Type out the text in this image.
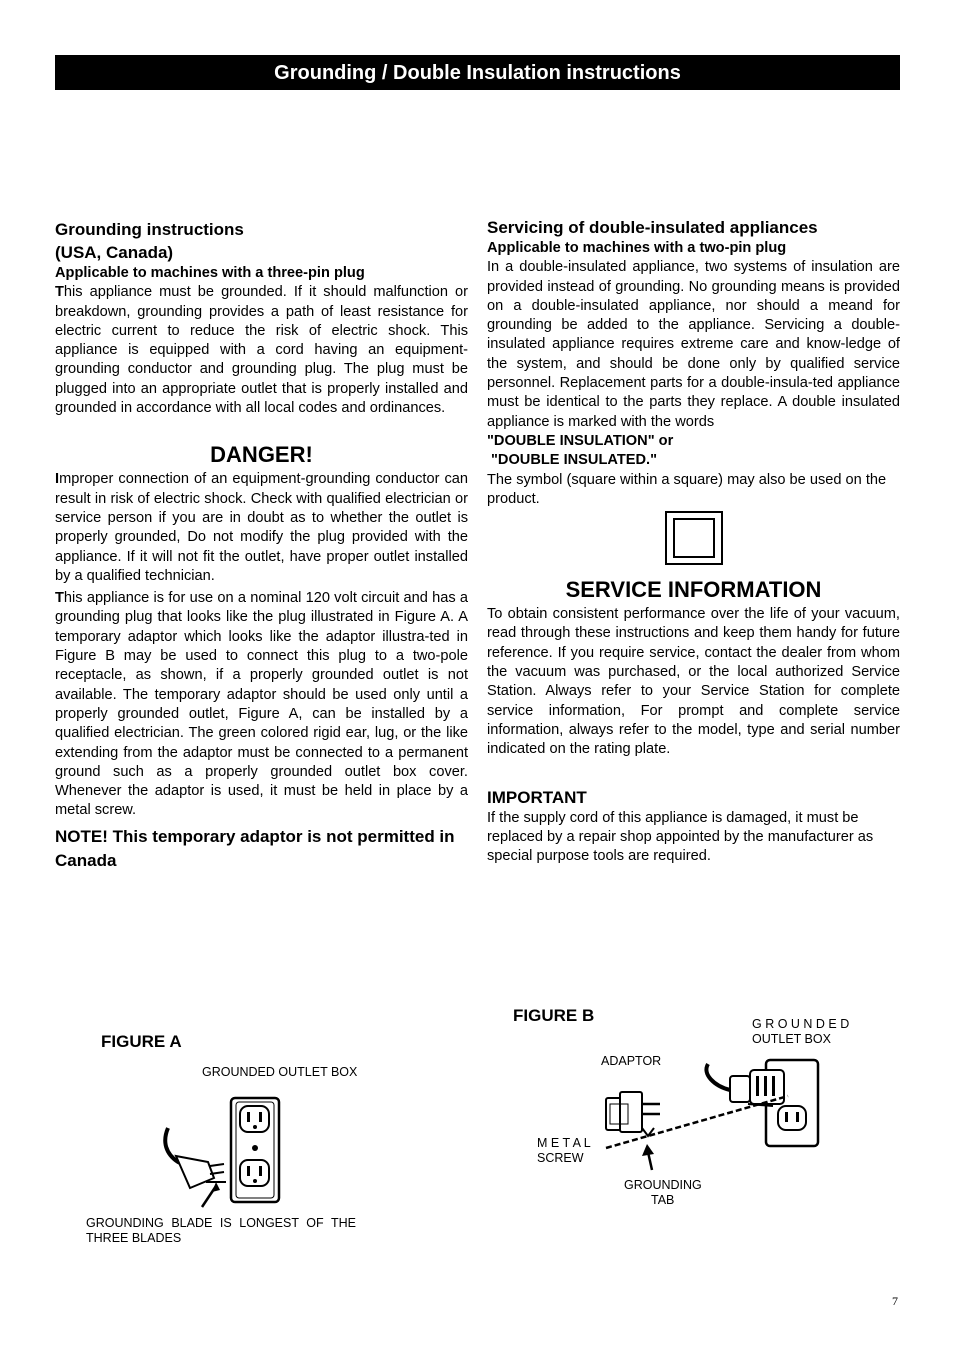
Grounding / Double Insulation instructions
Grounding instructions
(USA, Canada)
Applicable to machines with a three-pin plug

This appliance must be grounded. If it should malfunction or breakdown, grounding provides a path of least resistance for electric current to reduce the risk of electric shock. This appliance is equipped with a cord having an equipment-grounding conductor and grounding plug. The plug must be plugged into an appropriate outlet that is properly installed and grounded in accordance with all local codes and ordinances.

DANGER!

Improper connection of an equipment-grounding conductor can result in risk of electric shock. Check with qualified electrician or service person if you are in doubt as to whether the outlet is properly grounded, Do not modify the plug provided with the appliance. If it will not fit the outlet, have proper outlet installed by a qualified technician.

This appliance is for use on a nominal 120 volt circuit and has a grounding plug that looks like the plug illustrated in Figure A. A temporary adaptor which looks like the adaptor illustra-ted in Figure B may be used to connect this plug to a two-pole receptacle, as shown, if a properly grounded outlet is not available. The temporary adaptor should be used only until a properly grounded outlet, Figure A, can be installed by a qualified electrician. The green colored rigid ear, lug, or the like extending from the adaptor must be connected to a permanent ground such as a properly grounded outlet box cover. Whenever the adaptor is used, it must be held in place by a metal screw.

NOTE! This temporary adaptor is not permitted in Canada
Servicing of double-insulated appliances
Applicable to machines with a two-pin plug

In a double-insulated appliance, two systems of insulation are provided instead of grounding. No grounding means is provided on a double-insulated appliance, nor should a meand for grounding be added to the appliance. Servicing a double-insulated appliance requires extreme care and know-ledge of the system, and should be done only by qualified service personnel. Replacement parts for a double-insula-ted appliance must be identical to the parts they replace. A double insulated appliance is marked with the words

"DOUBLE INSULATION" or
"DOUBLE INSULATED."

The symbol (square within a square) may also be used on the product.

SERVICE INFORMATION

To obtain consistent performance over the life of your vacuum, read through these instructions and keep them handy for future reference. If you require service, contact the dealer from whom the vacuum was purchased, or the local authorized Service Station. Always refer to your Service Station for complete service information, For prompt and complete service information, always refer to the model, type and serial number indicated on the rating plate.

IMPORTANT

If the supply cord of this appliance is damaged, it must be replaced by a repair shop appointed by the manufacturer as special purpose tools are required.

FIGURE A
GROUNDED OUTLET BOX
GROUNDING BLADE IS LONGEST OF THE THREE BLADES
FIGURE B	G R O U N D E D
OUTLET BOX
ADAPTOR
M E T A L
SCREW
GROUNDING
TAB
7
